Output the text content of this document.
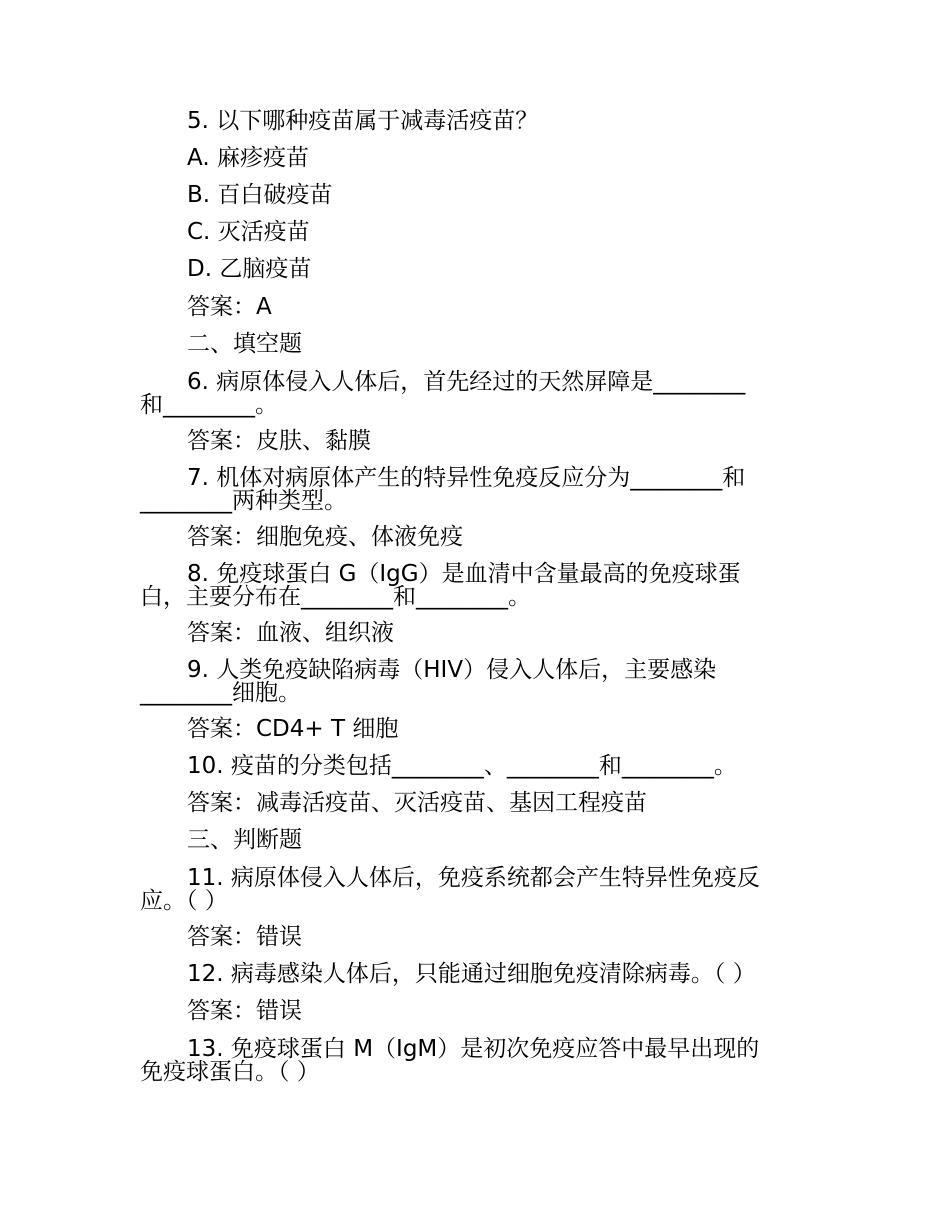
5. 以下哪种疫苗属于减毒活疫苗？
A. 麻疹疫苗
B. 百白破疫苗
C. 灭活疫苗
D. 乙脑疫苗
答案：A
二、填空题
6. 病原体侵入人体后，首先经过的天然屏障是________
和________。
答案：皮肤、黏膜
7. 机体对病原体产生的特异性免疫反应分为________和
________两种类型。
答案：细胞免疫、体液免疫
8. 免疫球蛋白 G（IgG）是血清中含量最高的免疫球蛋
白，主要分布在________和________。
答案：血液、组织液
9. 人类免疫缺陷病毒（HIV）侵入人体后，主要感染
________细胞。
答案：CD4+ T 细胞
10. 疫苗的分类包括________、________和________。
答案：减毒活疫苗、灭活疫苗、基因工程疫苗
三、判断题
11. 病原体侵入人体后，免疫系统都会产生特异性免疫反
应。（ ）
答案：错误
12. 病毒感染人体后，只能通过细胞免疫清除病毒。（ ）
答案：错误
13. 免疫球蛋白 M（IgM）是初次免疫应答中最早出现的
免疫球蛋白。（ ）
